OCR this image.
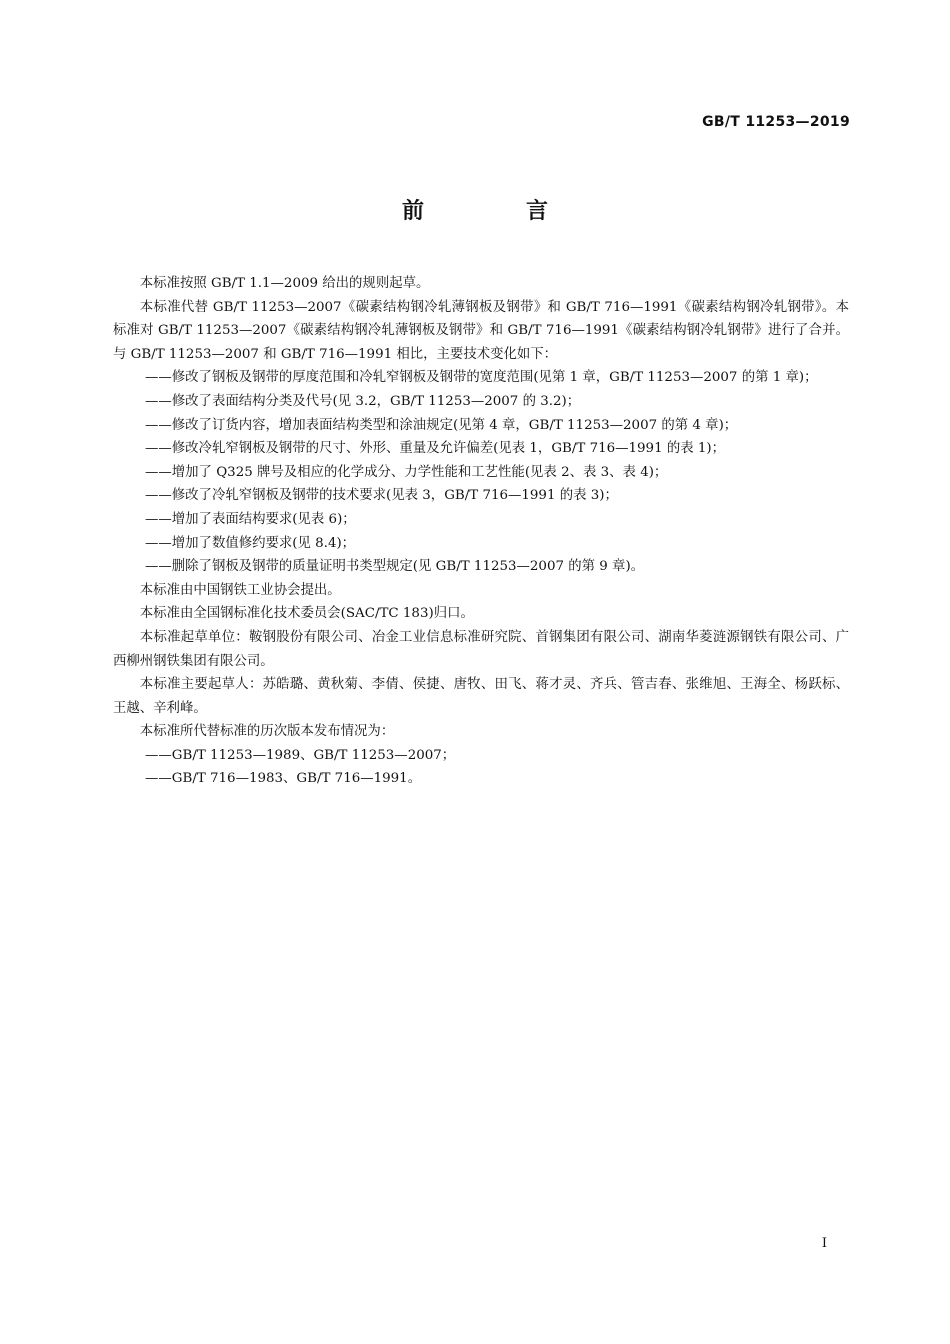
GB/T 11253—2019
前　言

本标准按照 GB/T 1.1—2009 给出的规则起草。

本标准代替 GB/T 11253—2007《碳素结构钢冷轧薄钢板及钢带》和 GB/T 716—1991《碳素结构钢冷轧钢带》。本标准对 GB/T 11253—2007《碳素结构钢冷轧薄钢板及钢带》和 GB/T 716—1991《碳素结构钢冷轧钢带》进行了合并。与 GB/T 11253—2007 和 GB/T 716—1991 相比，主要技术变化如下：

——修改了钢板及钢带的厚度范围和冷轧窄钢板及钢带的宽度范围(见第 1 章，GB/T 11253—2007 的第 1 章)；

——修改了表面结构分类及代号(见 3.2，GB/T 11253—2007 的 3.2)；

——修改了订货内容，增加表面结构类型和涂油规定(见第 4 章，GB/T 11253—2007 的第 4 章)；

——修改冷轧窄钢板及钢带的尺寸、外形、重量及允许偏差(见表 1，GB/T 716—1991 的表 1)；

——增加了 Q325 牌号及相应的化学成分、力学性能和工艺性能(见表 2、表 3、表 4)；

——修改了冷轧窄钢板及钢带的技术要求(见表 3，GB/T 716—1991 的表 3)；

——增加了表面结构要求(见表 6)；

——增加了数值修约要求(见 8.4)；

——删除了钢板及钢带的质量证明书类型规定(见 GB/T 11253—2007 的第 9 章)。

本标准由中国钢铁工业协会提出。

本标准由全国钢标准化技术委员会(SAC/TC 183)归口。

本标准起草单位：鞍钢股份有限公司、冶金工业信息标准研究院、首钢集团有限公司、湖南华菱涟源钢铁有限公司、广西柳州钢铁集团有限公司。

本标准主要起草人：苏皓璐、黄秋菊、李倩、侯捷、唐牧、田飞、蒋才灵、齐兵、管吉春、张维旭、王海全、杨跃标、王越、辛利峰。

本标准所代替标准的历次版本发布情况为：

——GB/T 11253—1989、GB/T 11253—2007；

——GB/T 716—1983、GB/T 716—1991。

I
